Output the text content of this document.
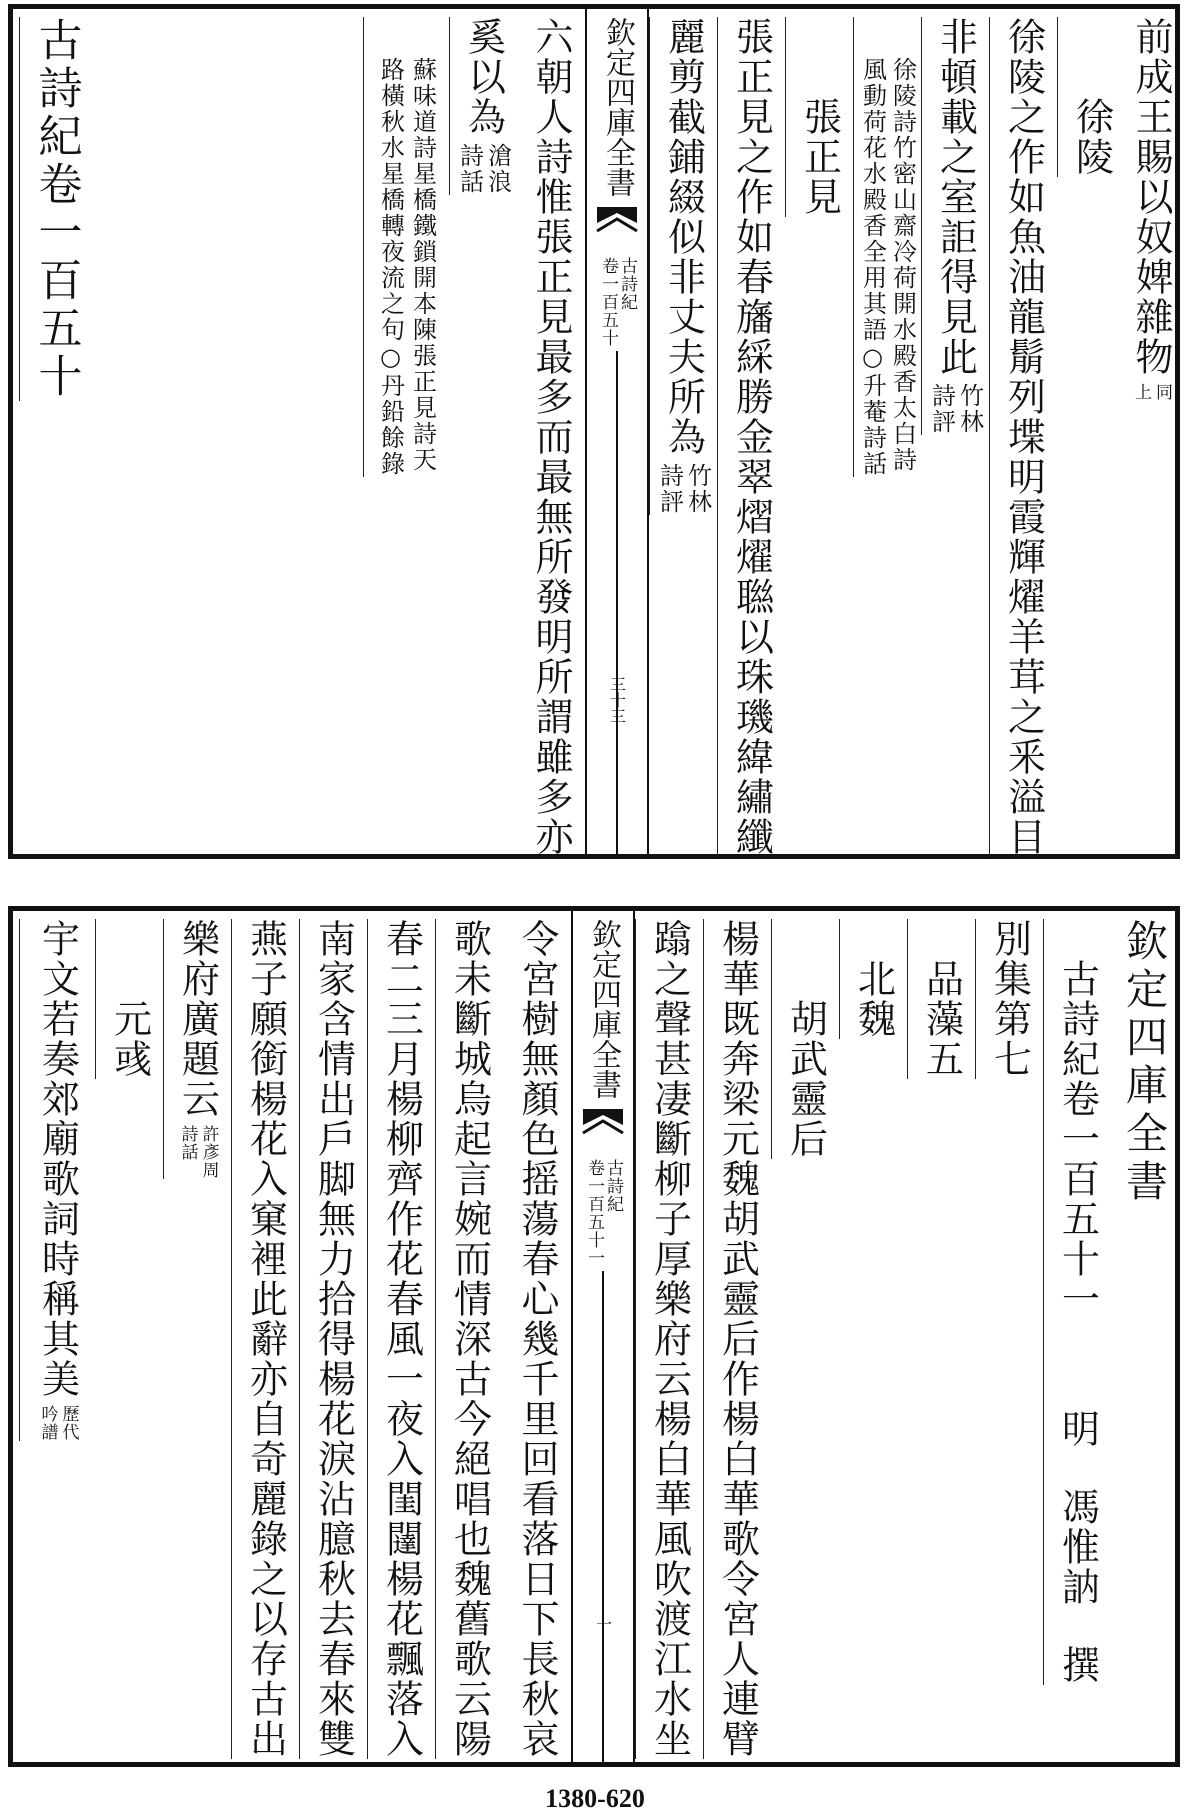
前成王賜以奴婢雜物
同
上
徐陵
徐陵之作如魚油龍鬅列堞明霞輝燿羊茸之釆溢目
非頓載之室詎得見此
竹林
詩評
徐陵詩竹密山齋冷荷開水殿香太白詩
風動荷花水殿香全用其語○升菴詩話
張正見
張正見之作如春旛綵勝金翠熠燿聮以珠璣緯繡纖
麗剪截鋪綴似非丈夫所為
竹林
詩評
欽定四庫全書
古詩紀
卷一百五十
三十三
六朝人詩惟張正見最多而最無所發明所謂雖多亦
奚以為
滄浪
詩話
蘇味道詩星橋鐵鎖開本陳張正見詩天
路橫秋水星橋轉夜流之句○丹鉛餘錄
古詩紀卷一百五十
欽定四庫全書
古詩紀卷一百五十一
明
馮惟訥
撰
別集第七
品藻五
北魏
胡武靈后
楊華既奔梁元魏胡武靈后作楊白華歌令宮人連臂
蹹之聲甚凄斷柳子厚樂府云楊白華風吹渡江水坐
欽定四庫全書
古詩紀
卷一百五十一
一
令宮樹無顏色摇蕩春心幾千里回看落日下長秋哀
歌未斷城烏起言婉而情深古今絕唱也魏舊歌云陽
春二三月楊柳齊作花春風一夜入閨闥楊花飄落入
南家含情出戶脚無力拾得楊花淚沾臆秋去春來雙
燕子願銜楊花入窠裡此辭亦自奇麗錄之以存古出
樂府廣題云
許彥周
詩話
元彧
宇文若奏郊廟歌詞時稱其美
歷代
吟譜
1380-620
